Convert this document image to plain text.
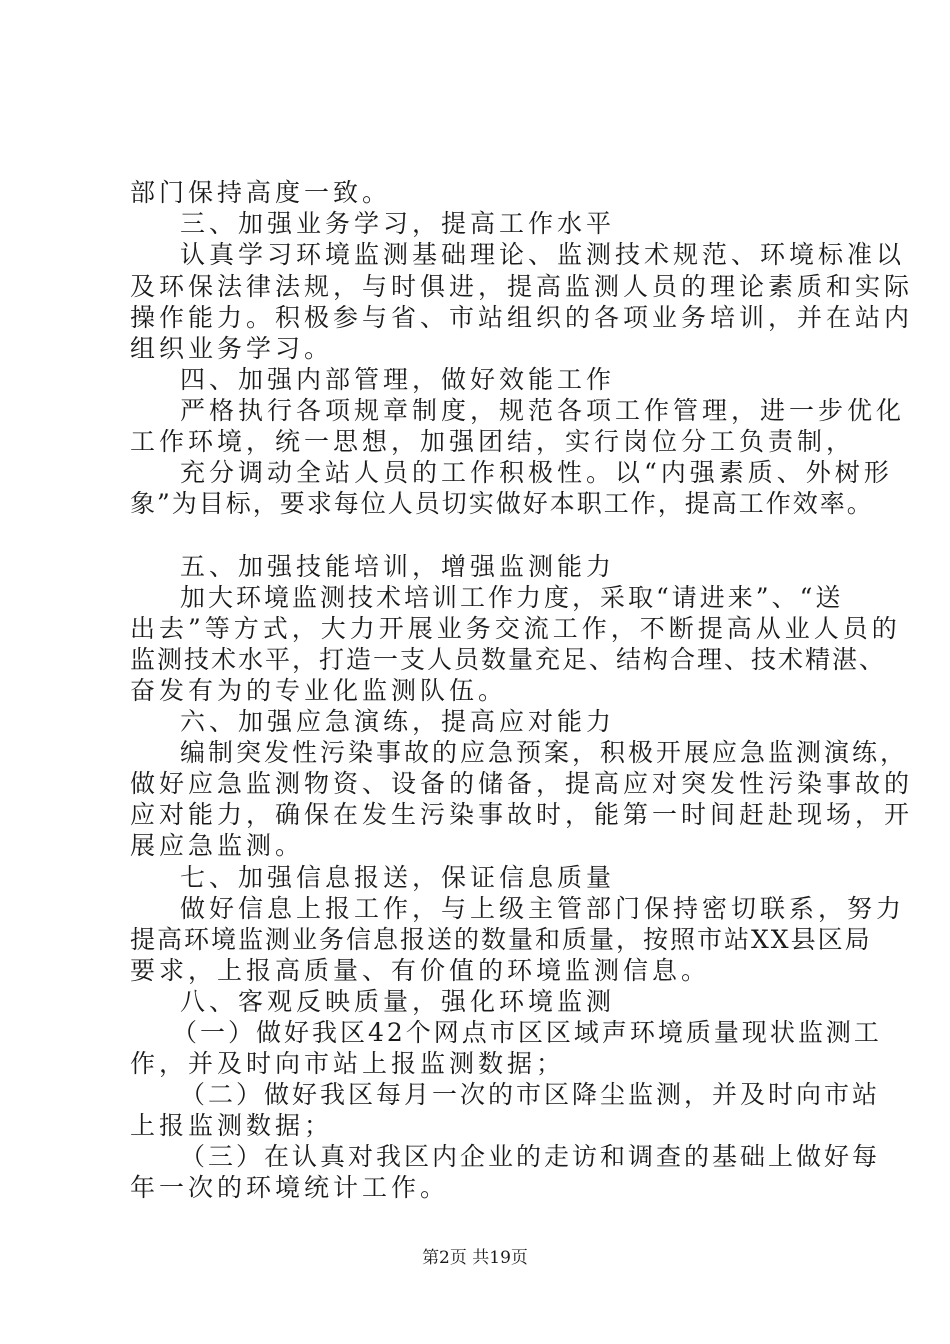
部门保持高度一致。
三、加强业务学习，提高工作水平
认真学习环境监测基础理论、监测技术规范、环境标准以
及环保法律法规，与时俱进，提高监测人员的理论素质和实际
操作能力。积极参与省、市站组织的各项业务培训，并在站内
组织业务学习。
四、加强内部管理，做好效能工作
严格执行各项规章制度，规范各项工作管理，进一步优化
工作环境，统一思想，加强团结，实行岗位分工负责制，
充分调动全站人员的工作积极性。以“内强素质、外树形
象”为目标，要求每位人员切实做好本职工作，提高工作效率。
五、加强技能培训，增强监测能力
加大环境监测技术培训工作力度，采取“请进来”、“送
出去”等方式，大力开展业务交流工作，不断提高从业人员的
监测技术水平，打造一支人员数量充足、结构合理、技术精湛、
奋发有为的专业化监测队伍。
六、加强应急演练，提高应对能力
编制突发性污染事故的应急预案，积极开展应急监测演练，
做好应急监测物资、设备的储备，提高应对突发性污染事故的
应对能力，确保在发生污染事故时，能第一时间赶赴现场，开
展应急监测。
七、加强信息报送，保证信息质量
做好信息上报工作，与上级主管部门保持密切联系，努力
提高环境监测业务信息报送的数量和质量，按照市站XX县区局
要求，上报高质量、有价值的环境监测信息。
八、客观反映质量，强化环境监测
（一）做好我区42个网点市区区域声环境质量现状监测工
作，并及时向市站上报监测数据；
（二）做好我区每月一次的市区降尘监测，并及时向市站
上报监测数据；
（三）在认真对我区内企业的走访和调查的基础上做好每
年一次的环境统计工作。
第2页 共19页
